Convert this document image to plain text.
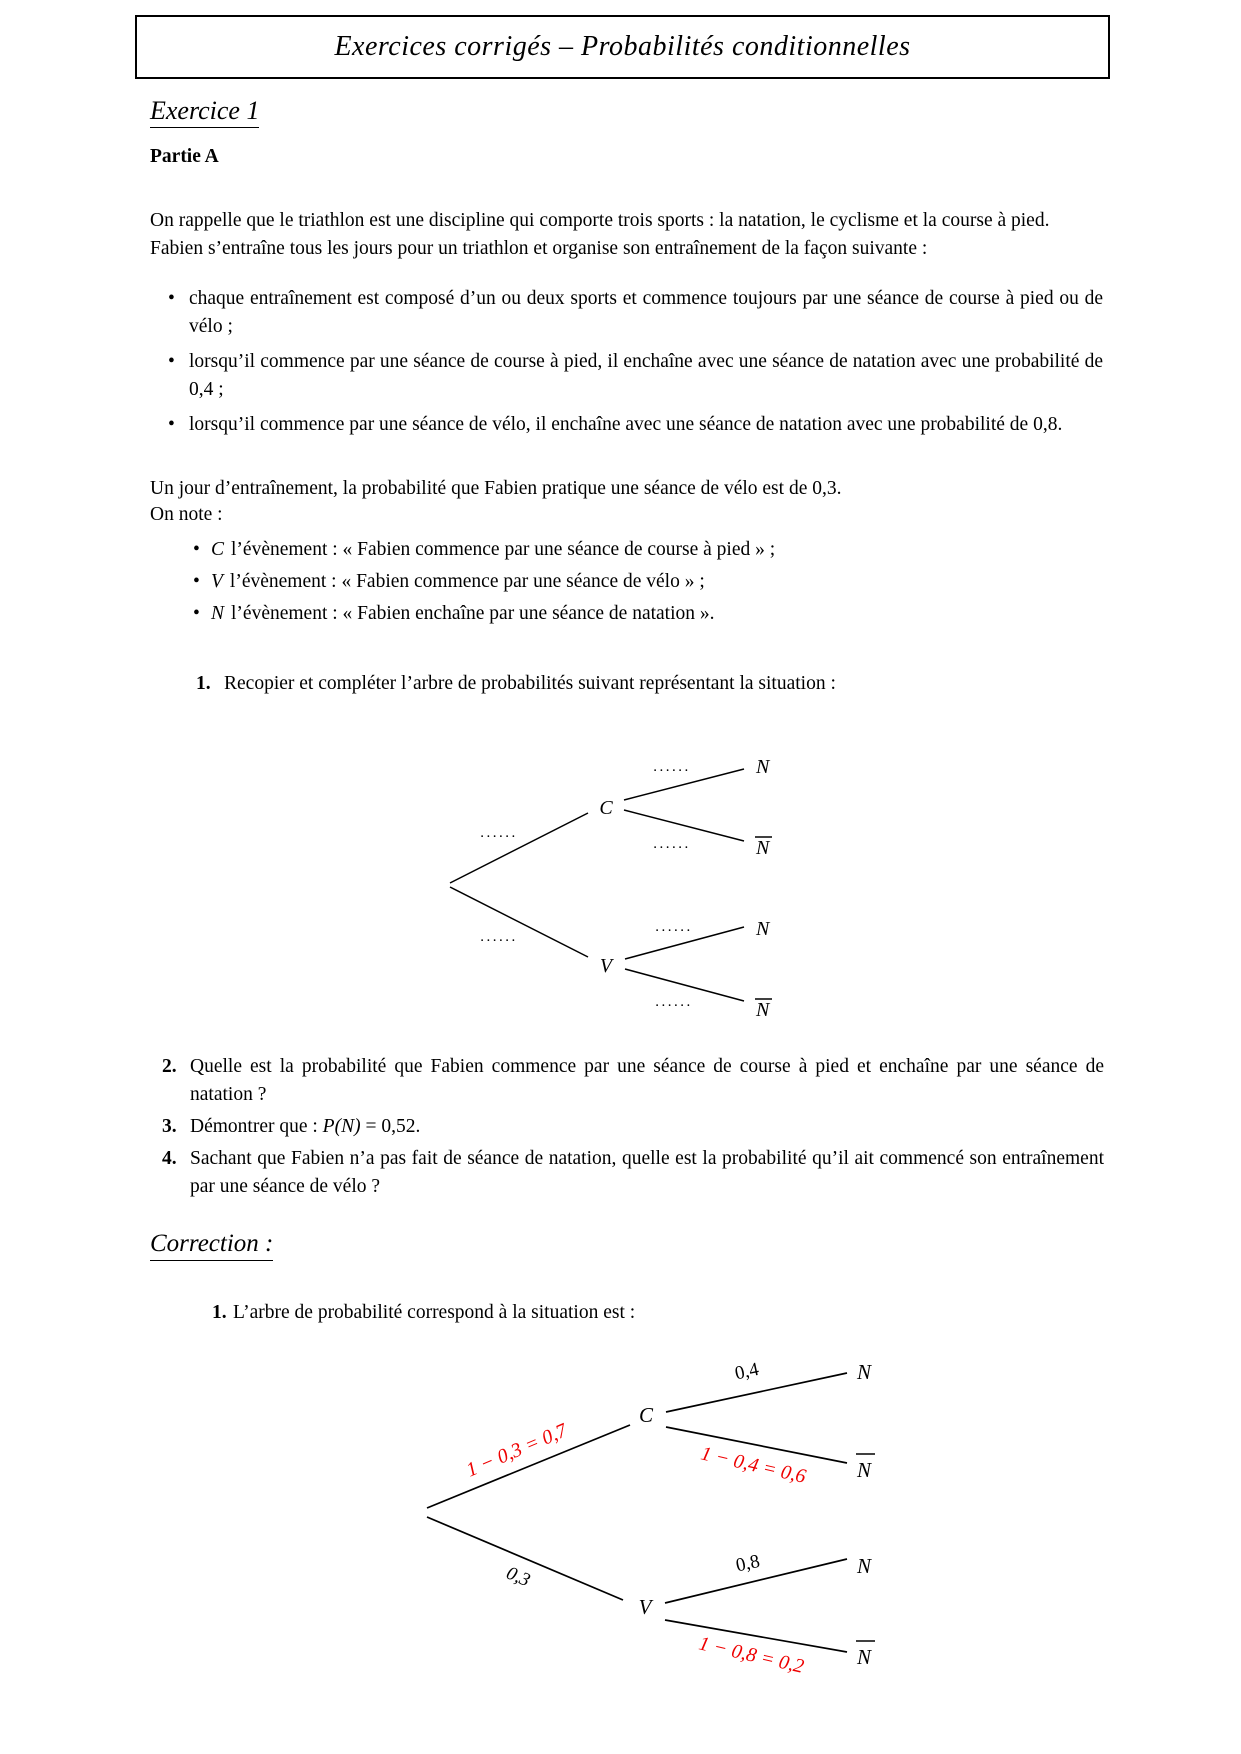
Exercices corrigés – Probabilités conditionnelles
Exercice 1
Partie A
On rappelle que le triathlon est une discipline qui comporte trois sports : la natation, le cyclisme et la course à pied.
Fabien s’entraîne tous les jours pour un triathlon et organise son entraînement de la façon suivante :
• chaque entraînement est composé d’un ou deux sports et commence toujours par une séance de course à pied ou de vélo ;
• lorsqu’il commence par une séance de course à pied, il enchaîne avec une séance de natation avec une probabilité de 0,4 ;
• lorsqu’il commence par une séance de vélo, il enchaîne avec une séance de natation avec une probabilité de 0,8.
Un jour d’entraînement, la probabilité que Fabien pratique une séance de vélo est de 0,3.
On note :
• C l’évènement : « Fabien commence par une séance de course à pied » ;
• V l’évènement : « Fabien commence par une séance de vélo » ;
• N l’évènement : « Fabien enchaîne par une séance de natation ».
1. Recopier et compléter l’arbre de probabilités suivant représentant la situation :
......
......
......
......
......
......
C
V
N
N
N
N
2. Quelle est la probabilité que Fabien commence par une séance de course à pied et enchaîne par une séance de natation ?
3. Démontrer que : P(N) = 0,52.
4. Sachant que Fabien n’a pas fait de séance de natation, quelle est la probabilité qu’il ait commencé son entraînement par une séance de vélo ?
Correction :
1. L’arbre de probabilité correspond à la situation est :
1 − 0,3 = 0,7
0,3
0,4
1 − 0,4 = 0,6
0,8
1 − 0,8 = 0,2
C
V
N
N
N
N
